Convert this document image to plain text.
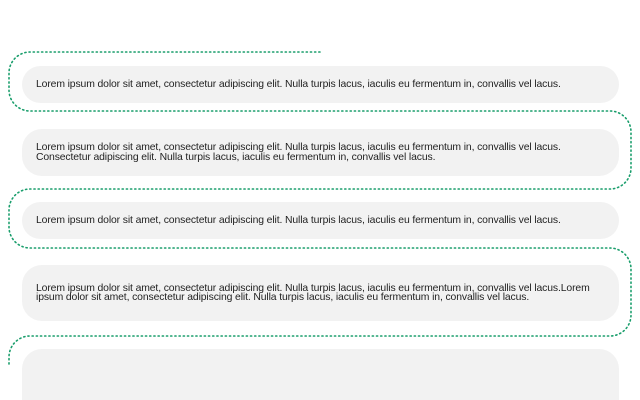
Lorem ipsum dolor sit amet, consectetur adipiscing elit. Nulla turpis lacus, iaculis eu fermentum in, convallis vel lacus.
Lorem ipsum dolor sit amet, consectetur adipiscing elit. Nulla turpis lacus, iaculis eu fermentum in, convallis vel lacus. Consectetur adipiscing elit. Nulla turpis lacus, iaculis eu fermentum in, convallis vel lacus.
Lorem ipsum dolor sit amet, consectetur adipiscing elit. Nulla turpis lacus, iaculis eu fermentum in, convallis vel lacus.
Lorem ipsum dolor sit amet, consectetur adipiscing elit. Nulla turpis lacus, iaculis eu fermentum in, convallis vel lacus.Lorem ipsum dolor sit amet, consectetur adipiscing elit. Nulla turpis lacus, iaculis eu fermentum in, convallis vel lacus.
